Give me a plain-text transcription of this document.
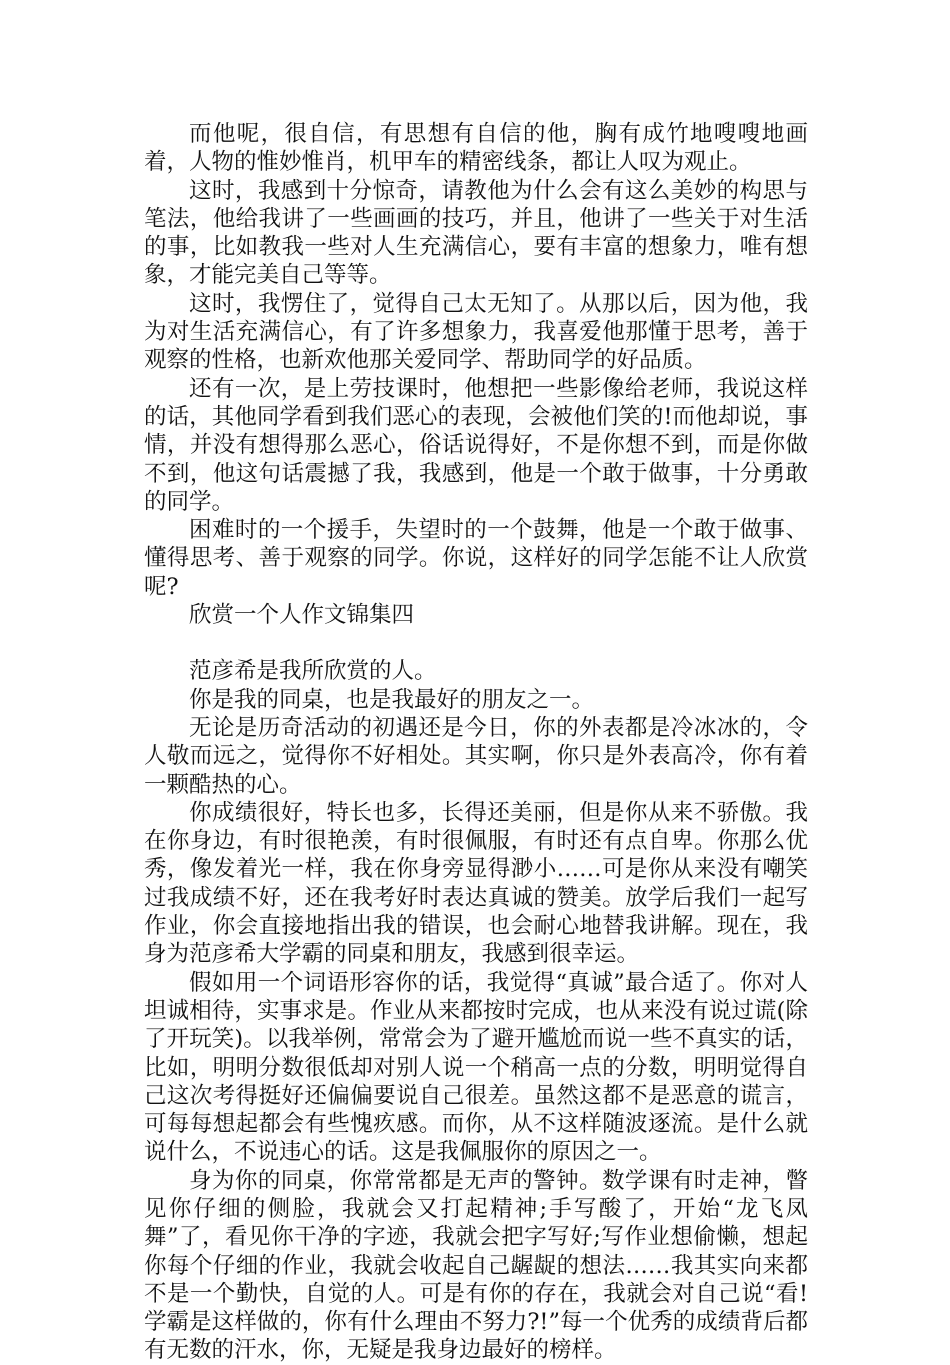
而他呢，很自信，有思想有自信的他，胸有成竹地嗖嗖地画着，人物的惟妙惟肖，机甲车的精密线条，都让人叹为观止。

这时，我感到十分惊奇，请教他为什么会有这么美妙的构思与笔法，他给我讲了一些画画的技巧，并且，他讲了一些关于对生活的事，比如教我一些对人生充满信心，要有丰富的想象力，唯有想象，才能完美自己等等。

这时，我愣住了，觉得自己太无知了。从那以后，因为他，我为对生活充满信心，有了许多想象力，我喜爱他那懂于思考，善于观察的性格，也新欢他那关爱同学、帮助同学的好品质。

还有一次，是上劳技课时，他想把一些影像给老师，我说这样的话，其他同学看到我们恶心的表现，会被他们笑的!而他却说，事情，并没有想得那么恶心，俗话说得好，不是你想不到，而是你做不到，他这句话震撼了我，我感到，他是一个敢于做事，十分勇敢的同学。

困难时的一个援手，失望时的一个鼓舞，他是一个敢于做事、懂得思考、善于观察的同学。你说，这样好的同学怎能不让人欣赏呢?

欣赏一个人作文锦集四

范彦希是我所欣赏的人。

你是我的同桌，也是我最好的朋友之一。

无论是历奇活动的初遇还是今日，你的外表都是冷冰冰的，令人敬而远之，觉得你不好相处。其实啊，你只是外表高冷，你有着一颗酷热的心。

你成绩很好，特长也多，长得还美丽，但是你从来不骄傲。我在你身边，有时很艳羡，有时很佩服，有时还有点自卑。你那么优秀，像发着光一样，我在你身旁显得渺小……可是你从来没有嘲笑过我成绩不好，还在我考好时表达真诚的赞美。放学后我们一起写作业，你会直接地指出我的错误，也会耐心地替我讲解。现在，我身为范彦希大学霸的同桌和朋友，我感到很幸运。

假如用一个词语形容你的话，我觉得“真诚”最合适了。你对人坦诚相待，实事求是。作业从来都按时完成，也从来没有说过谎(除了开玩笑)。以我举例，常常会为了避开尴尬而说一些不真实的话，比如，明明分数很低却对别人说一个稍高一点的分数，明明觉得自己这次考得挺好还偏偏要说自己很差。虽然这都不是恶意的谎言，可每每想起都会有些愧疚感。而你，从不这样随波逐流。是什么就说什么，不说违心的话。这是我佩服你的原因之一。

身为你的同桌，你常常都是无声的警钟。数学课有时走神，瞥见你仔细的侧脸，我就会又打起精神;手写酸了，开始“龙飞凤舞”了，看见你干净的字迹，我就会把字写好;写作业想偷懒，想起你每个仔细的作业，我就会收起自己龌龊的想法……我其实向来都不是一个勤快，自觉的人。可是有你的存在，我就会对自己说“看!学霸是这样做的，你有什么理由不努力?!”每一个优秀的成绩背后都有无数的汗水，你，无疑是我身边最好的榜样。
